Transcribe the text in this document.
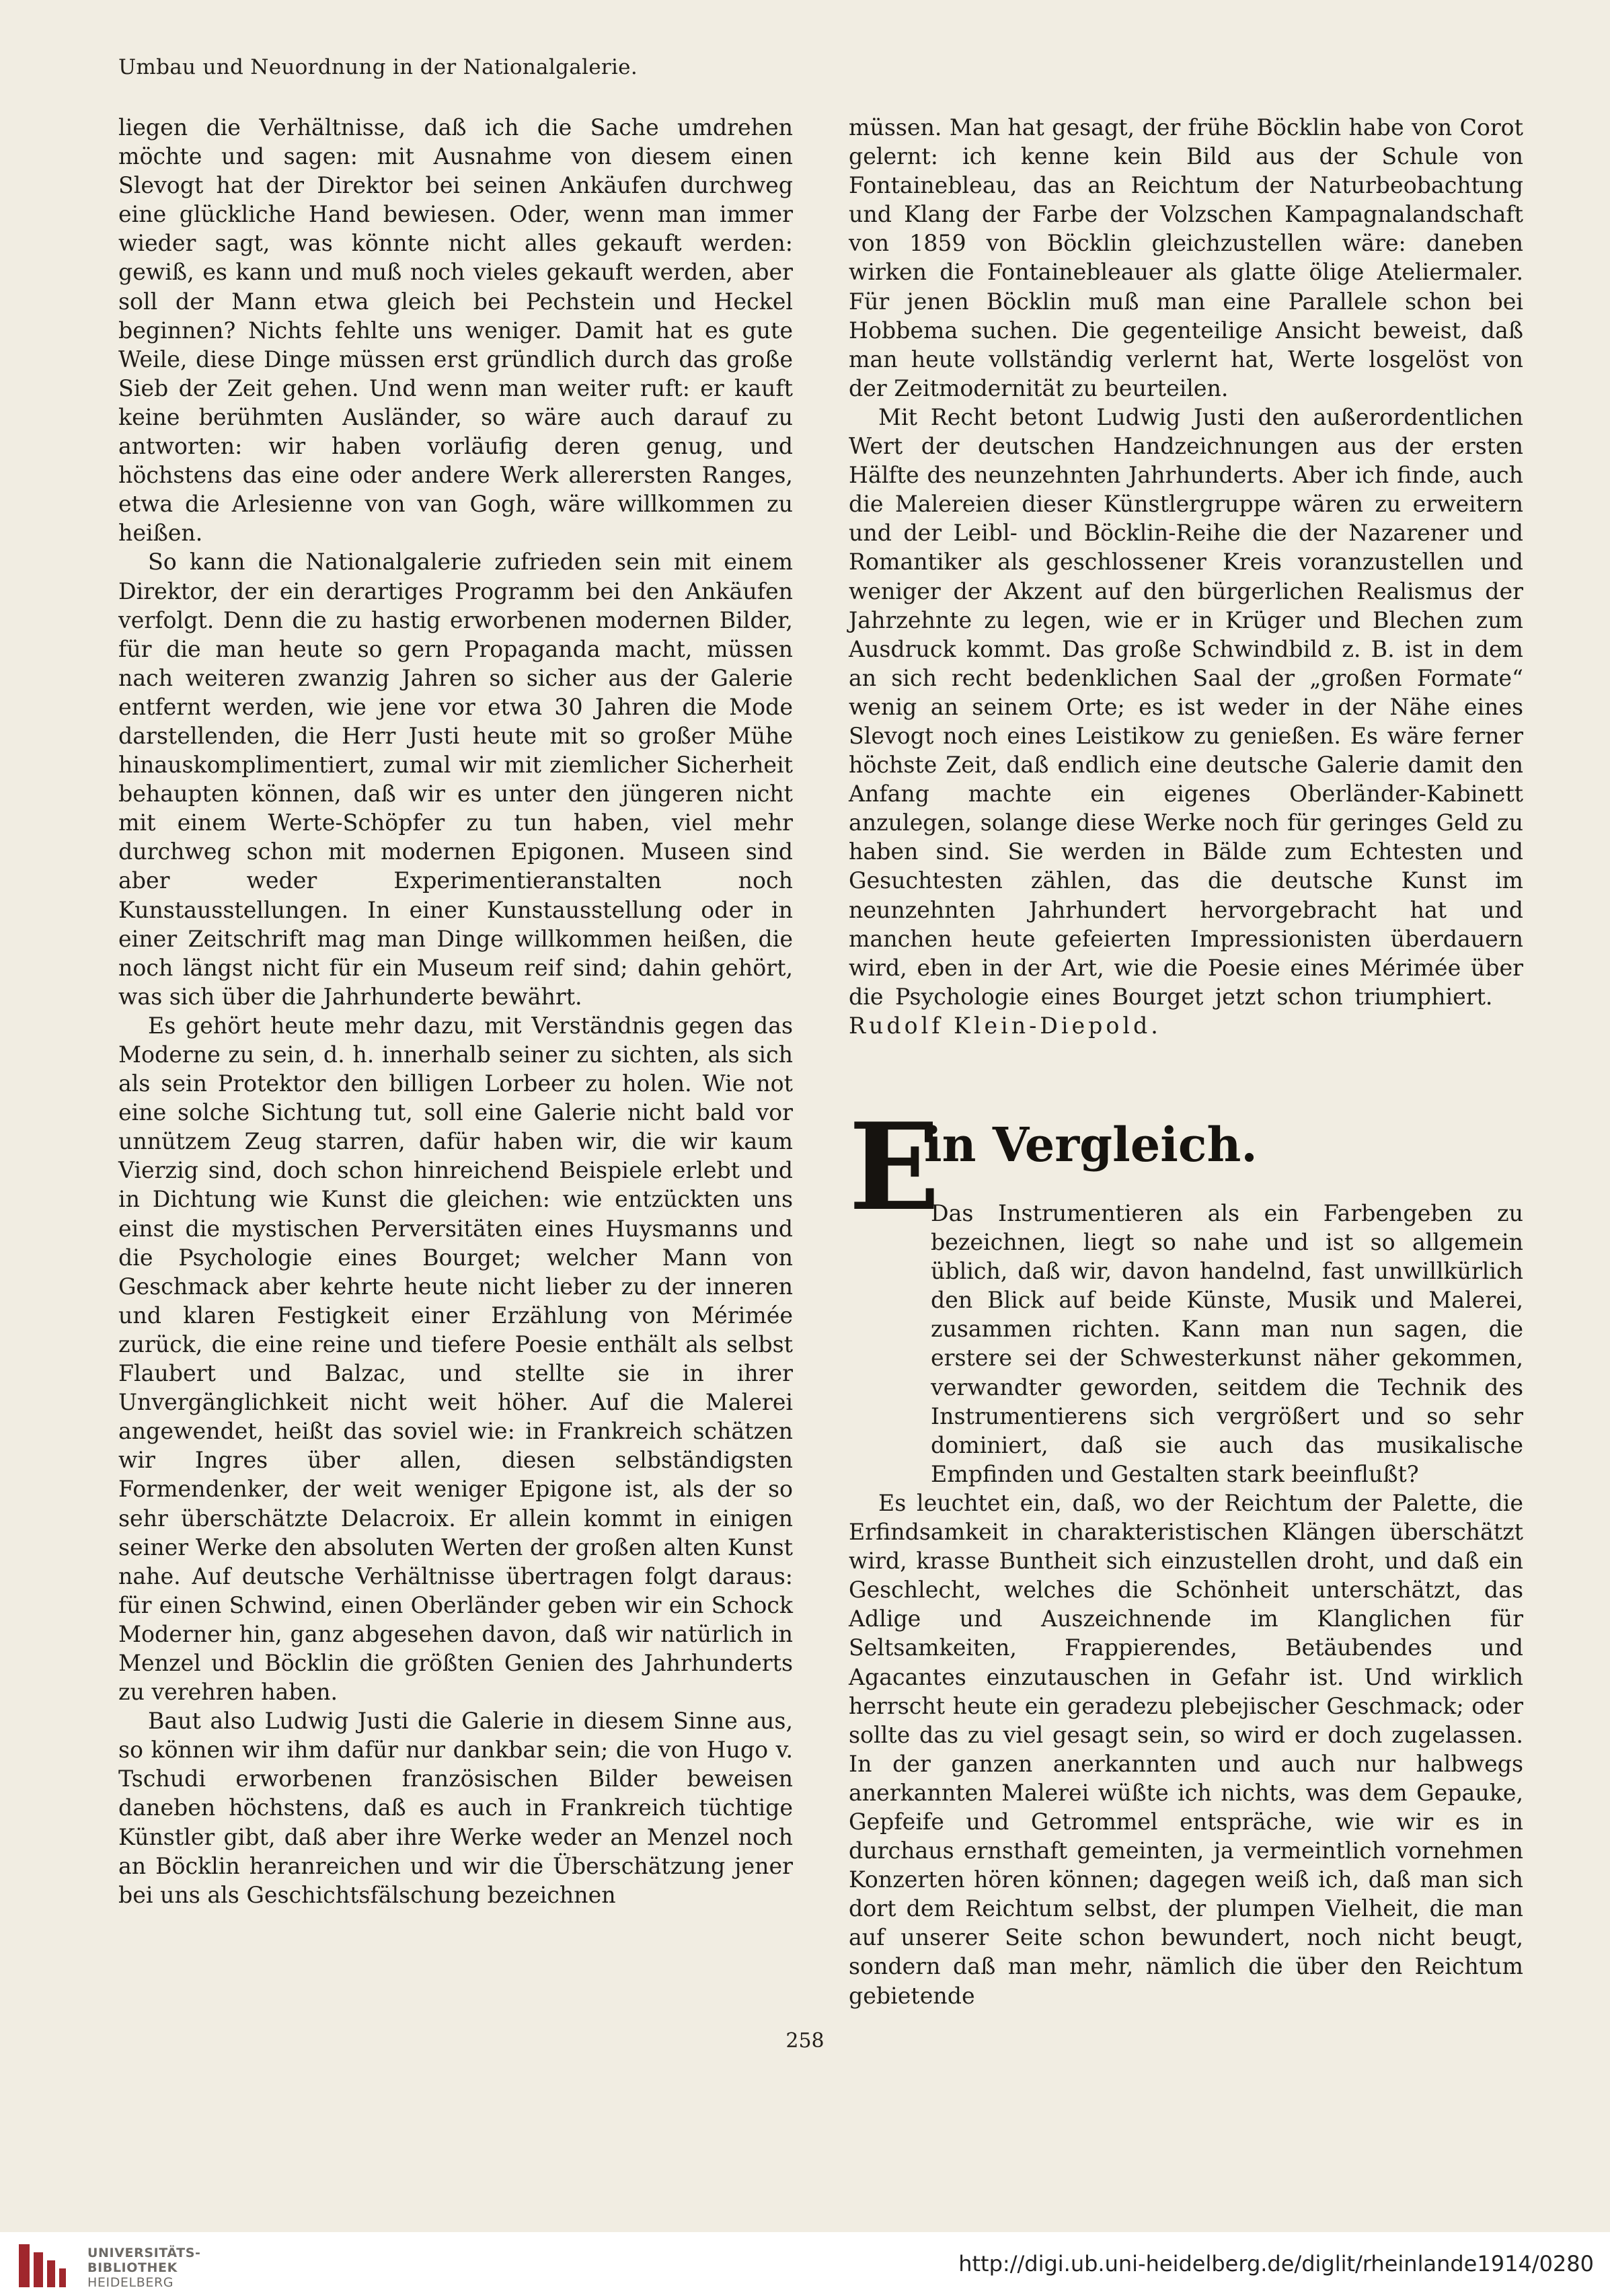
Umbau und Neuordnung in der Nationalgalerie.

liegen die Verhältnisse, daß ich die Sache umdrehen möchte und sagen: mit Ausnahme von diesem einen Slevogt hat der Direktor bei seinen Ankäufen durchweg eine glückliche Hand bewiesen. Oder, wenn man immer wieder sagt, was könnte nicht alles gekauft werden: gewiß, es kann und muß noch vieles gekauft werden, aber soll der Mann etwa gleich bei Pechstein und Heckel beginnen? Nichts fehlte uns weniger. Damit hat es gute Weile, diese Dinge müssen erst gründlich durch das große Sieb der Zeit gehen. Und wenn man weiter ruft: er kauft keine berühmten Ausländer, so wäre auch darauf zu antworten: wir haben vorläufig deren genug, und höchstens das eine oder andere Werk allerersten Ranges, etwa die Arlesienne von van Gogh, wäre willkommen zu heißen.

So kann die Nationalgalerie zufrieden sein mit einem Direktor, der ein derartiges Programm bei den Ankäufen verfolgt. Denn die zu hastig erworbenen modernen Bilder, für die man heute so gern Propaganda macht, müssen nach weiteren zwanzig Jahren so sicher aus der Galerie entfernt werden, wie jene vor etwa 30 Jahren die Mode darstellenden, die Herr Justi heute mit so großer Mühe hinauskomplimentiert, zumal wir mit ziemlicher Sicherheit behaupten können, daß wir es unter den jüngeren nicht mit einem Werte-Schöpfer zu tun haben, viel mehr durchweg schon mit modernen Epigonen. Museen sind aber weder Experimentieranstalten noch Kunstausstellungen. In einer Kunstausstellung oder in einer Zeitschrift mag man Dinge willkommen heißen, die noch längst nicht für ein Museum reif sind; dahin gehört, was sich über die Jahrhunderte bewährt.

Es gehört heute mehr dazu, mit Verständnis gegen das Moderne zu sein, d. h. innerhalb seiner zu sichten, als sich als sein Protektor den billigen Lorbeer zu holen. Wie not eine solche Sichtung tut, soll eine Galerie nicht bald vor unnützem Zeug starren, dafür haben wir, die wir kaum Vierzig sind, doch schon hinreichend Beispiele erlebt und in Dichtung wie Kunst die gleichen: wie entzückten uns einst die mystischen Perversitäten eines Huysmanns und die Psychologie eines Bourget; welcher Mann von Geschmack aber kehrte heute nicht lieber zu der inneren und klaren Festigkeit einer Erzählung von Mérimée zurück, die eine reine und tiefere Poesie enthält als selbst Flaubert und Balzac, und stellte sie in ihrer Unvergänglichkeit nicht weit höher. Auf die Malerei angewendet, heißt das soviel wie: in Frankreich schätzen wir Ingres über allen, diesen selbständigsten Formendenker, der weit weniger Epigone ist, als der so sehr überschätzte Delacroix. Er allein kommt in einigen seiner Werke den absoluten Werten der großen alten Kunst nahe. Auf deutsche Verhältnisse übertragen folgt daraus: für einen Schwind, einen Oberländer geben wir ein Schock Moderner hin, ganz abgesehen davon, daß wir natürlich in Menzel und Böcklin die größten Genien des Jahrhunderts zu verehren haben.

Baut also Ludwig Justi die Galerie in diesem Sinne aus, so können wir ihm dafür nur dankbar sein; die von Hugo v. Tschudi erworbenen französischen Bilder beweisen daneben höchstens, daß es auch in Frankreich tüchtige Künstler gibt, daß aber ihre Werke weder an Menzel noch an Böcklin heranreichen und wir die Überschätzung jener bei uns als Geschichtsfälschung bezeichnen

müssen. Man hat gesagt, der frühe Böcklin habe von Corot gelernt: ich kenne kein Bild aus der Schule von Fontainebleau, das an Reichtum der Naturbeobachtung und Klang der Farbe der Volzschen Kampagnalandschaft von 1859 von Böcklin gleichzustellen wäre: daneben wirken die Fontainebleauer als glatte ölige Ateliermaler. Für jenen Böcklin muß man eine Parallele schon bei Hobbema suchen. Die gegenteilige Ansicht beweist, daß man heute vollständig verlernt hat, Werte losgelöst von der Zeitmodernität zu beurteilen.

Mit Recht betont Ludwig Justi den außerordentlichen Wert der deutschen Handzeichnungen aus der ersten Hälfte des neunzehnten Jahrhunderts. Aber ich finde, auch die Malereien dieser Künstlergruppe wären zu erweitern und der Leibl- und Böcklin-Reihe die der Nazarener und Romantiker als geschlossener Kreis voranzustellen und weniger der Akzent auf den bürgerlichen Realismus der Jahrzehnte zu legen, wie er in Krüger und Blechen zum Ausdruck kommt. Das große Schwindbild z. B. ist in dem an sich recht bedenklichen Saal der „großen Formate“ wenig an seinem Orte; es ist weder in der Nähe eines Slevogt noch eines Leistikow zu genießen. Es wäre ferner höchste Zeit, daß endlich eine deutsche Galerie damit den Anfang machte ein eigenes Oberländer-Kabinett anzulegen, solange diese Werke noch für geringes Geld zu haben sind. Sie werden in Bälde zum Echtesten und Gesuchtesten zählen, das die deutsche Kunst im neunzehnten Jahrhundert hervorgebracht hat und manchen heute gefeierten Impressionisten überdauern wird, eben in der Art, wie die Poesie eines Mérimée über die Psychologie eines Bourget jetzt schon triumphiert.    Rudolf Klein-Diepold.

E
in Vergleich.

Das Instrumentieren als ein Farbengeben zu bezeichnen, liegt so nahe und ist so allgemein üblich, daß wir, davon handelnd, fast unwillkürlich den Blick auf beide Künste, Musik und Malerei, zusammen richten. Kann man nun sagen, die erstere sei der Schwesterkunst näher gekommen, verwandter geworden, seitdem die Technik des Instrumentierens sich vergrößert und so sehr dominiert, daß sie auch das musikalische Empfinden und Gestalten stark beeinflußt?

Es leuchtet ein, daß, wo der Reichtum der Palette, die Erfindsamkeit in charakteristischen Klängen überschätzt wird, krasse Buntheit sich einzustellen droht, und daß ein Geschlecht, welches die Schönheit unterschätzt, das Adlige und Auszeichnende im Klanglichen für Seltsamkeiten, Frappierendes, Betäubendes und Agacantes einzutauschen in Gefahr ist. Und wirklich herrscht heute ein geradezu plebejischer Geschmack; oder sollte das zu viel gesagt sein, so wird er doch zugelassen. In der ganzen anerkannten und auch nur halbwegs anerkannten Malerei wüßte ich nichts, was dem Gepauke, Gepfeife und Getrommel entspräche, wie wir es in durchaus ernsthaft gemeinten, ja vermeintlich vornehmen Konzerten hören können; dagegen weiß ich, daß man sich dort dem Reichtum selbst, der plumpen Vielheit, die man auf unserer Seite schon bewundert, noch nicht beugt, sondern daß man mehr, nämlich die über den Reichtum gebietende

258
UNIVERSITÄTS-
BIBLIOTHEK
HEIDELBERG
http://digi.ub.uni-heidelberg.de/diglit/rheinlande1914/0280
